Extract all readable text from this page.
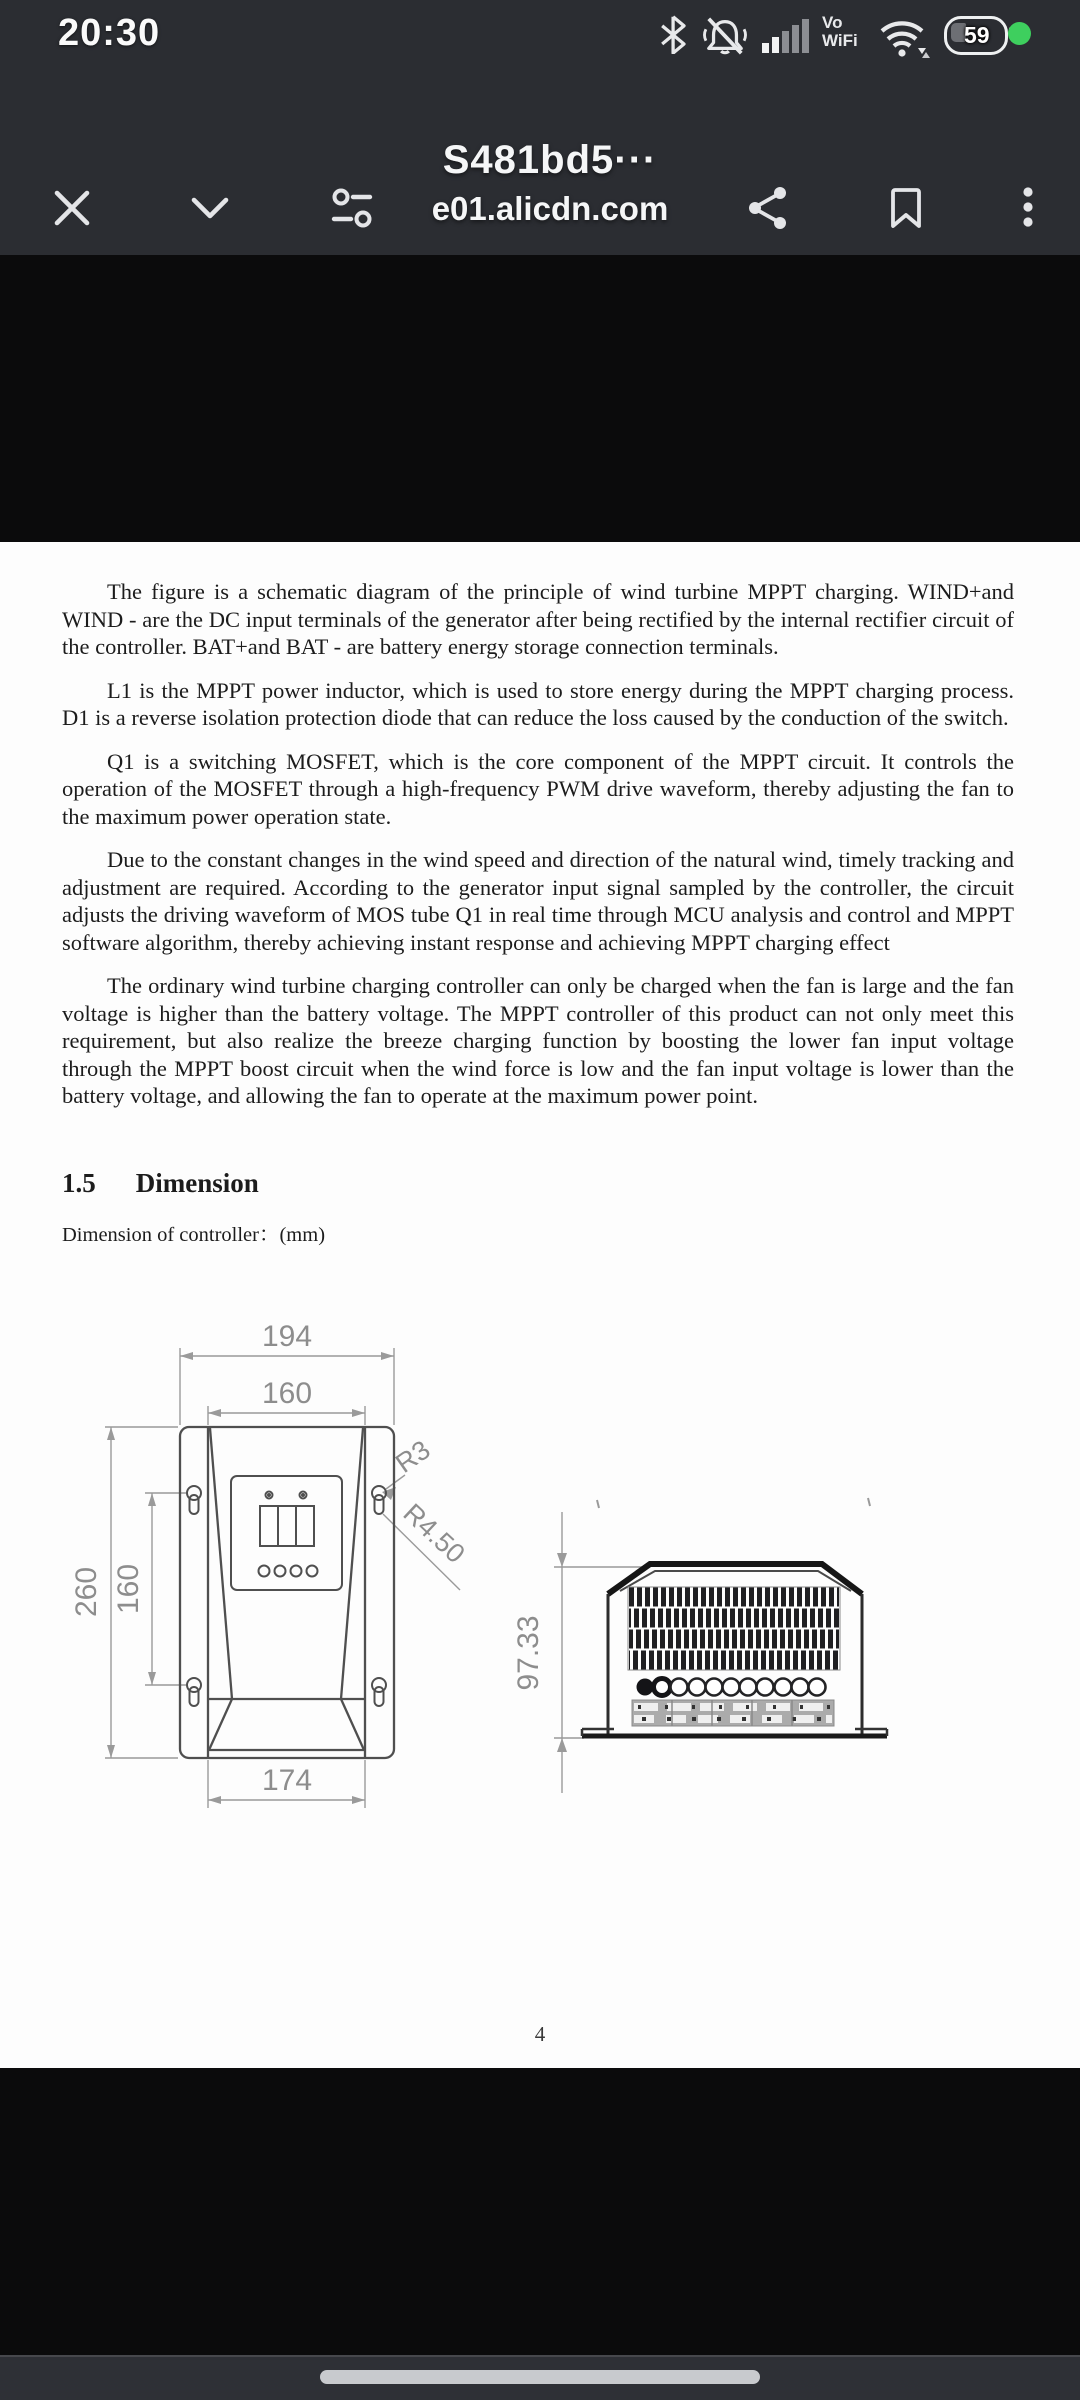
20:30	Vo
WiFi	59
S481bd5···
e01.alicdn.com

The figure is a schematic diagram of the principle of wind turbine MPPT charging. WIND+and WIND - are the DC input terminals of the generator after being rectified by the internal rectifier circuit of the controller. BAT+and BAT - are battery energy storage connection terminals.

L1 is the MPPT power inductor, which is used to store energy during the MPPT charging process. D1 is a reverse isolation protection diode that can reduce the loss caused by the conduction of the switch.

Q1 is a switching MOSFET, which is the core component of the MPPT circuit. It controls the operation of the MOSFET through a high-frequency PWM drive waveform, thereby adjusting the fan to the maximum power operation state.

Due to the constant changes in the wind speed and direction of the natural wind, timely tracking and adjustment are required. According to the generator input signal sampled by the controller, the circuit adjusts the driving waveform of MOS tube Q1 in real time through MCU analysis and control and MPPT software algorithm, thereby achieving instant response and achieving MPPT charging effect

The ordinary wind turbine charging controller can only be charged when the fan is large and the fan voltage is higher than the battery voltage. The MPPT controller of this product can not only meet this requirement, but also realize the breeze charging function by boosting the lower fan input voltage through the MPPT boost circuit when the wind force is low and the fan input voltage is lower than the battery voltage, and allowing the fan to operate at the maximum power point.

1.5 Dimension
Dimension of controller：(mm)
194
160
260 160
174
R3
R4.50
97.33
4
